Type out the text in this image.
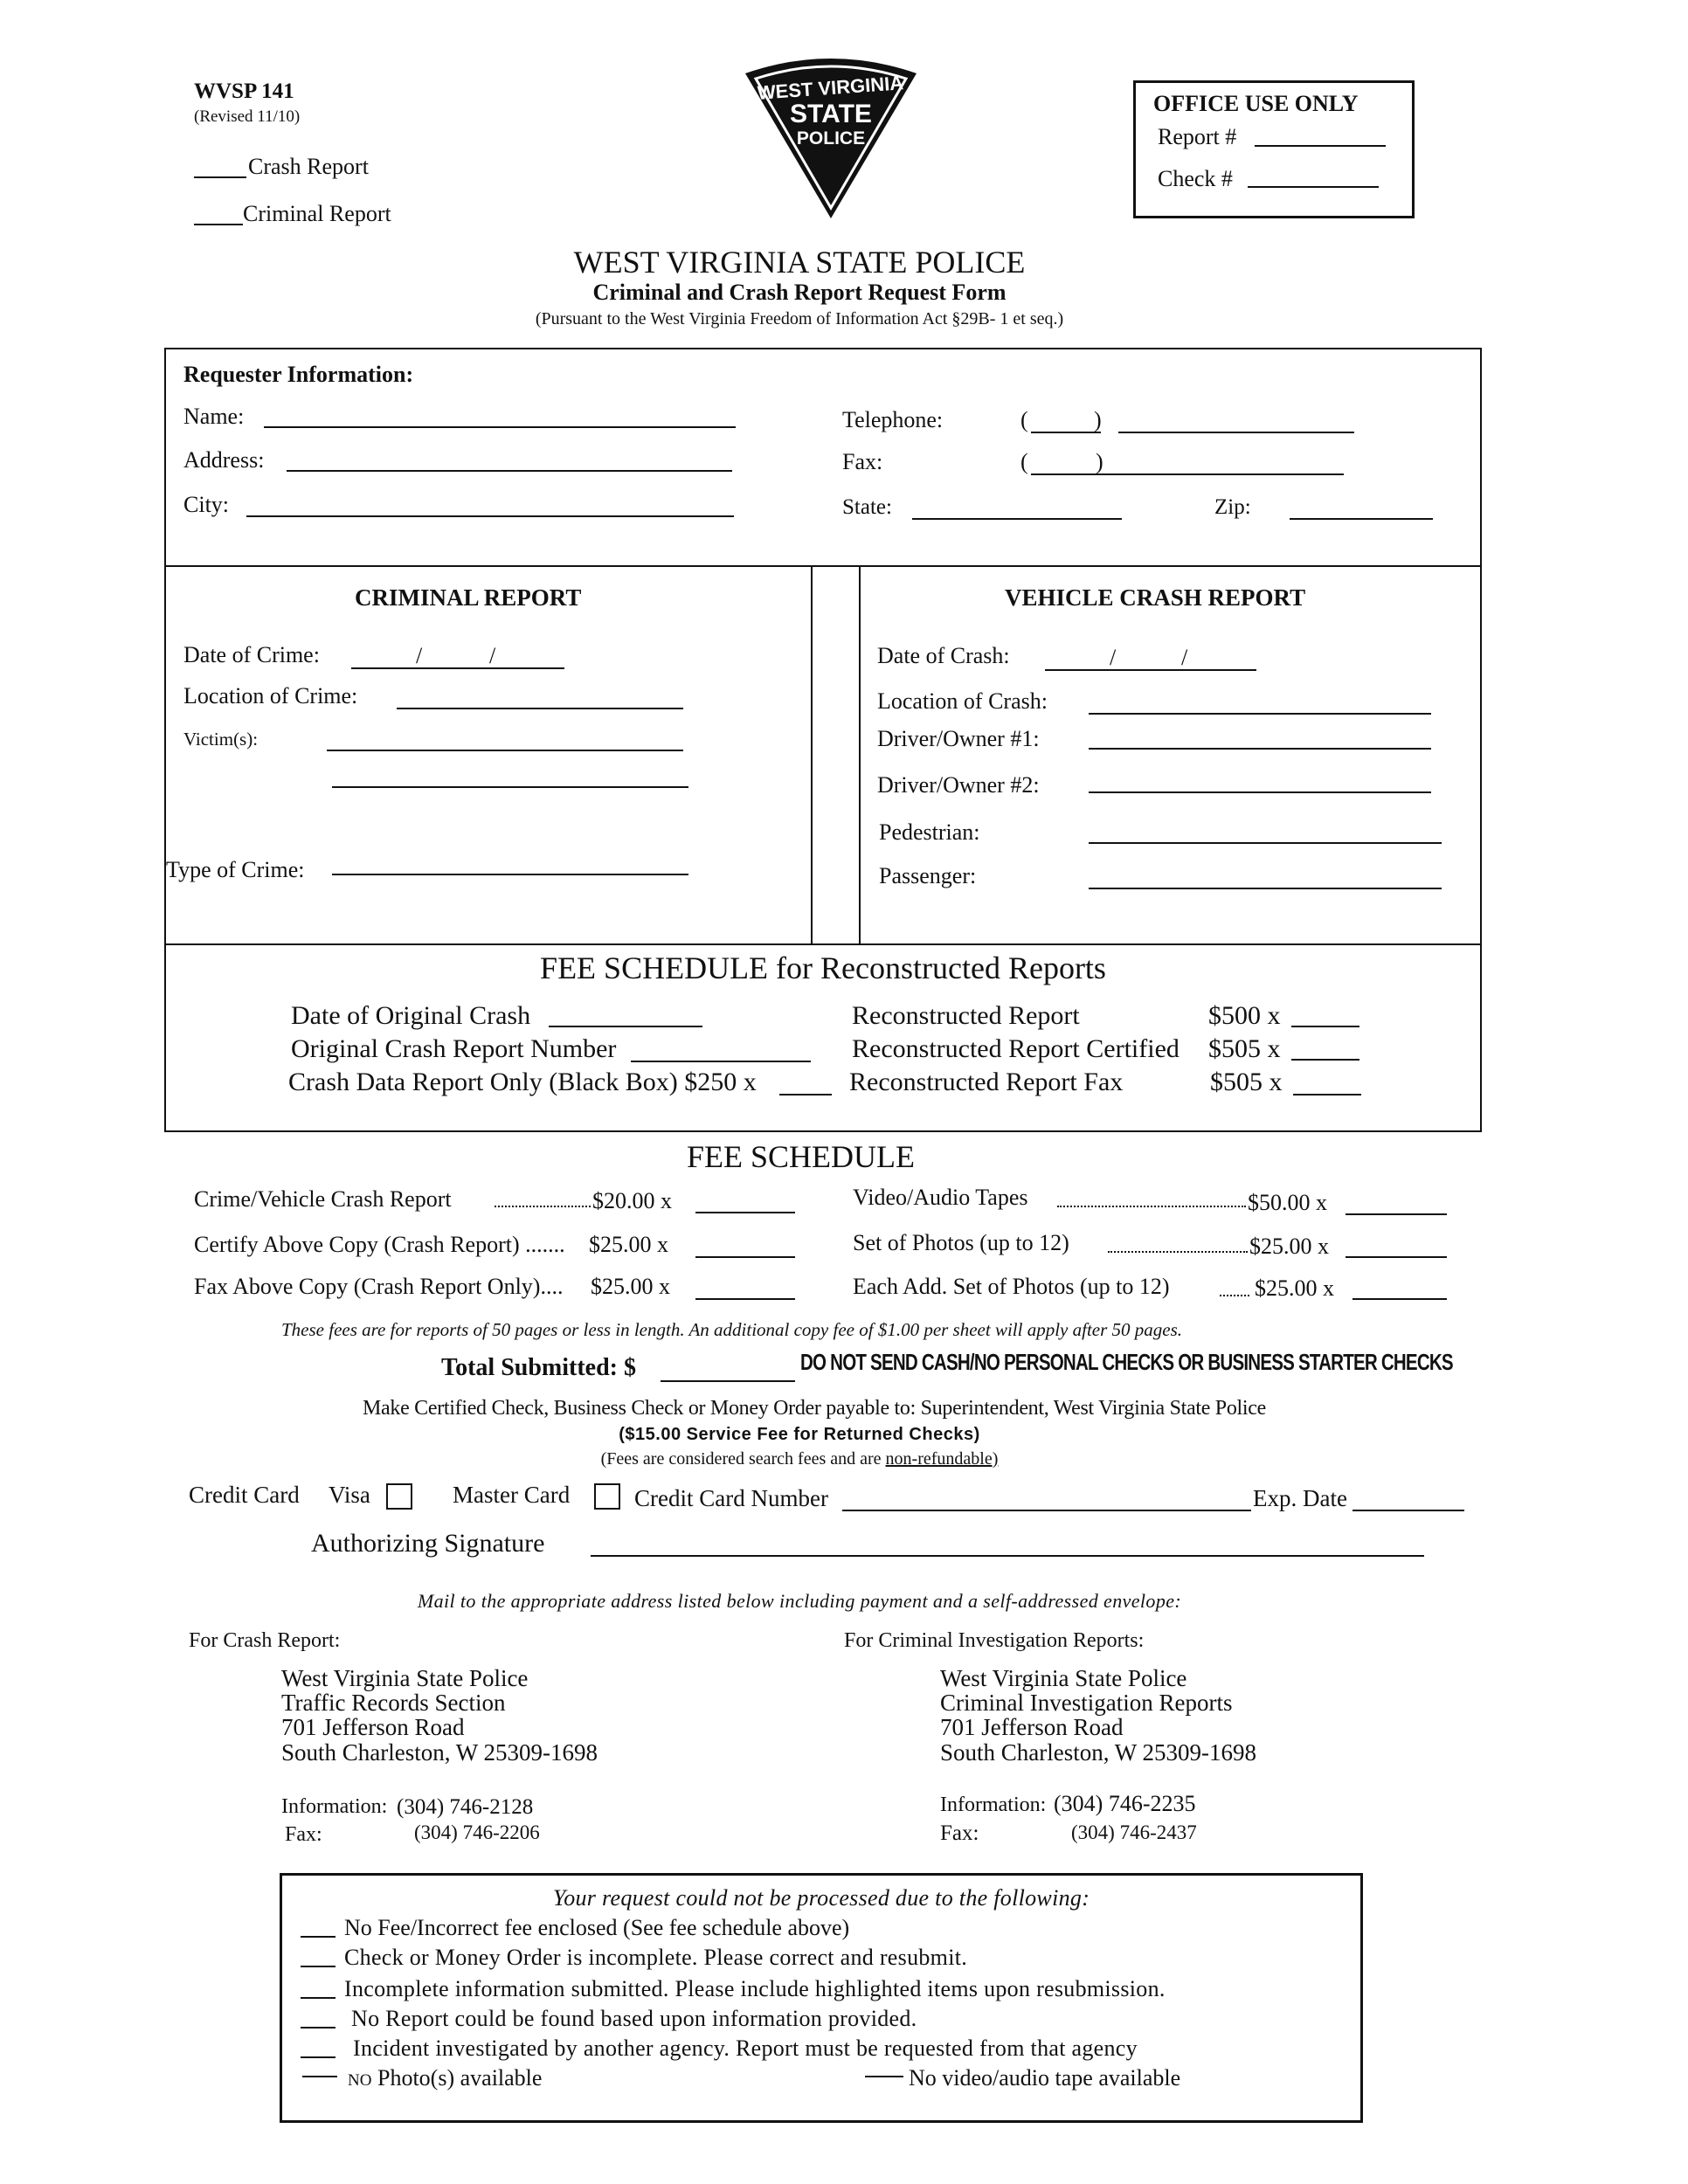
WVSP 141
(Revised 11/10)
Crash Report
Criminal Report
WEST VIRGINIA
STATE
POLICE
OFFICE USE ONLY
Report #
Check #
WEST VIRGINIA STATE POLICE
Criminal and Crash Report Request Form
(Pursuant to the West Virginia Freedom of Information Act §29B- 1 et seq.)
Requester Information:
Name:
Address:
City:
Telephone:	(	)
Fax:	(	)
State:	Zip:
CRIMINAL REPORT
Date of Crime:	/	/
Location of Crime:
Victim(s):
Type of Crime:
VEHICLE CRASH REPORT
Date of Crash:	/	/
Location of Crash:
Driver/Owner #1:
Driver/Owner #2:
Pedestrian:
Passenger:
FEE SCHEDULE for Reconstructed Reports
Date of Original Crash
Original Crash Report Number
Crash Data Report Only (Black Box) $250 x
Reconstructed Report	$500 x
Reconstructed Report Certified $505 x
Reconstructed Report Fax	$505 x
FEE SCHEDULE
Crime/Vehicle Crash Report	$20.00 x
Certify Above Copy (Crash Report) ....... $25.00 x
Fax Above Copy (Crash Report Only).... $25.00 x
Video/Audio Tapes	$50.00 x
Set of Photos (up to 12)	$25.00 x
Each Add. Set of Photos (up to 12)	$25.00 x
These fees are for reports of 50 pages or less in length. An additional copy fee of $1.00 per sheet will apply after 50 pages.
Total Submitted: $	DO NOT SEND CASH/NO PERSONAL CHECKS OR BUSINESS STARTER CHECKS
Make Certified Check, Business Check or Money Order payable to: Superintendent, West Virginia State Police
($15.00 Service Fee for Returned Checks)
(Fees are considered search fees and are non-refundable)
Credit Card Visa	Master Card	Credit Card Number	Exp. Date
Authorizing Signature
Mail to the appropriate address listed below including payment and a self-addressed envelope:
For Crash Report:
West Virginia State Police
Traffic Records Section
701 Jefferson Road
South Charleston, W 25309-1698
Information: (304) 746-2128
Fax:	(304) 746-2206
For Criminal Investigation Reports:
West Virginia State Police
Criminal Investigation Reports
701 Jefferson Road
South Charleston, W 25309-1698
Information: (304) 746-2235
Fax:	(304) 746-2437
Your request could not be processed due to the following:
No Fee/Incorrect fee enclosed (See fee schedule above)
Check or Money Order is incomplete. Please correct and resubmit.
Incomplete information submitted. Please include highlighted items upon resubmission.
No Report could be found based upon information provided.
Incident investigated by another agency. Report must be requested from that agency
NO Photo(s) available	No video/audio tape available
